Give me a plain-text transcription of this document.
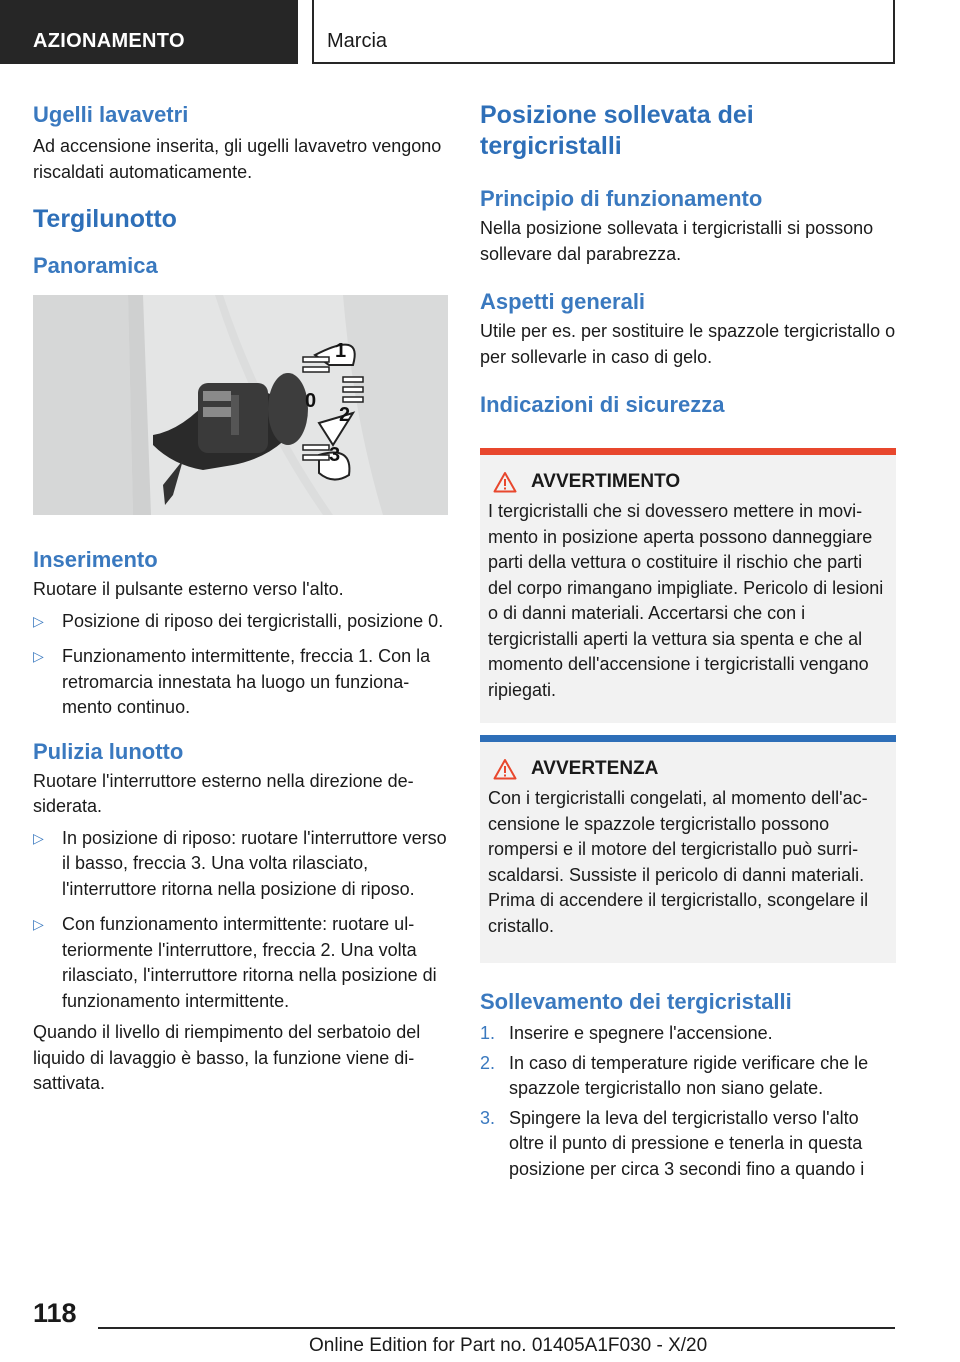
AZIONAMENTO	Marcia
Ugelli lavavetri

Ad accensione inserita, gli ugelli lavavetro vengono riscaldati automaticamente.

Tergilunotto
Panoramica
1
0
2
3
Inserimento

Ruotare il pulsante esterno verso l'alto.

▷ Posizione di riposo dei tergicristalli, posizione 0.
▷ Funzionamento intermittente, freccia 1. Con la retromarcia innestata ha luogo un funzionamento continuo.
Pulizia lunotto

Ruotare l'interruttore esterno nella direzione desiderata.

▷ In posizione di riposo: ruotare l'interruttore verso il basso, freccia 3. Una volta rilasciato, l'interruttore ritorna nella posizione di riposo.
▷ Con funzionamento intermittente: ruotare ulteriormente l'interruttore, freccia 2. Una volta rilasciato, l'interruttore ritorna nella posizione di funzionamento intermittente.

Quando il livello di riempimento del serbatoio del liquido di lavaggio è basso, la funzione viene disattivata.

Posizione sollevata dei tergicristalli
Principio di funzionamento

Nella posizione sollevata i tergicristalli si possono sollevare dal parabrezza.

Aspetti generali

Utile per es. per sostituire le spazzole tergicristallo o per sollevarle in caso di gelo.

Indicazioni di sicurezza
AVVERTIMENTO

I tergicristalli che si dovessero mettere in movimento in posizione aperta possono danneggiare parti della vettura o costituire il rischio che parti del corpo rimangano impigliate. Pericolo di lesioni o di danni materiali. Accertarsi che con i tergicristalli aperti la vettura sia spenta e che al momento dell'accensione i tergicristalli vengano ripiegati.

AVVERTENZA

Con i tergicristalli congelati, al momento dell'accensione le spazzole tergicristallo possono rompersi e il motore del tergicristallo può surriscaldarsi. Sussiste il pericolo di danni materiali. Prima di accendere il tergicristallo, scongelare il cristallo.

Sollevamento dei tergicristalli
1. Inserire e spegnere l'accensione.
2. In caso di temperature rigide verificare che le spazzole tergicristallo non siano gelate.
3. Spingere la leva del tergicristallo verso l'alto oltre il punto di pressione e tenerla in questa posizione per circa 3 secondi fino a quando i
118
Online Edition for Part no. 01405A1F030 - X/20
